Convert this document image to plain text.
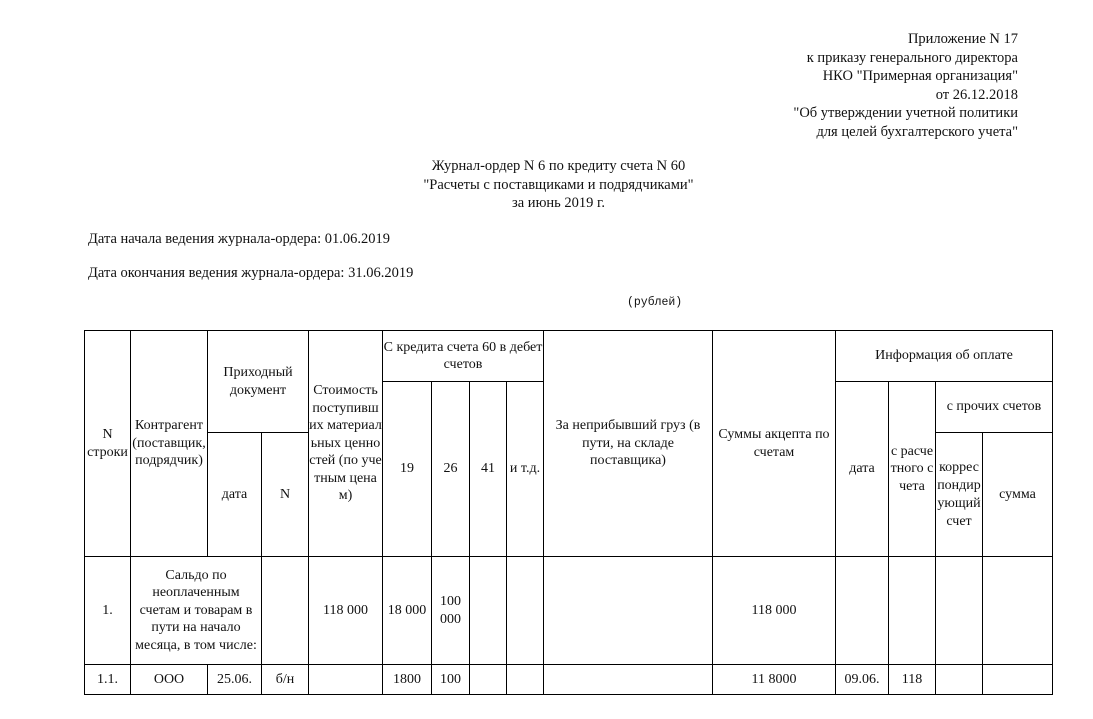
Приложение N 17
к приказу генерального директора
НКО "Примерная организация"
от 26.12.2018
"Об утверждении учетной политики
для целей бухгалтерского учета"
Журнал-ордер N 6 по кредиту счета N 60
"Расчеты с поставщиками и подрядчиками"
за июнь 2019 г.
Дата начала ведения журнала-ордера: 01.06.2019
Дата окончания ведения журнала-ордера: 31.06.2019
(рублей)
N строки	Контрагент (поставщик, подрядчик)	Приходный документ		Стоимость поступивших материальных ценностей (по учетным ценам)	С кредита счета 60 в дебет счетов				За неприбывший груз (в пути, на складе поставщика)	Суммы акцепта по счетам	Информация об оплате			
					19	26	41	и т.д.			дата	с расчетного счета	с прочих счетов	
		дата	N										корреспондирующий счет	сумма
1.	Сальдо по неоплаченным счетам и товарам в пути на начало месяца, в том числе:			118 000	18 000	100 000				118 000				
1.1.	ООО	25.06.	б/н		1800	100				11 8000	09.06.	118		
